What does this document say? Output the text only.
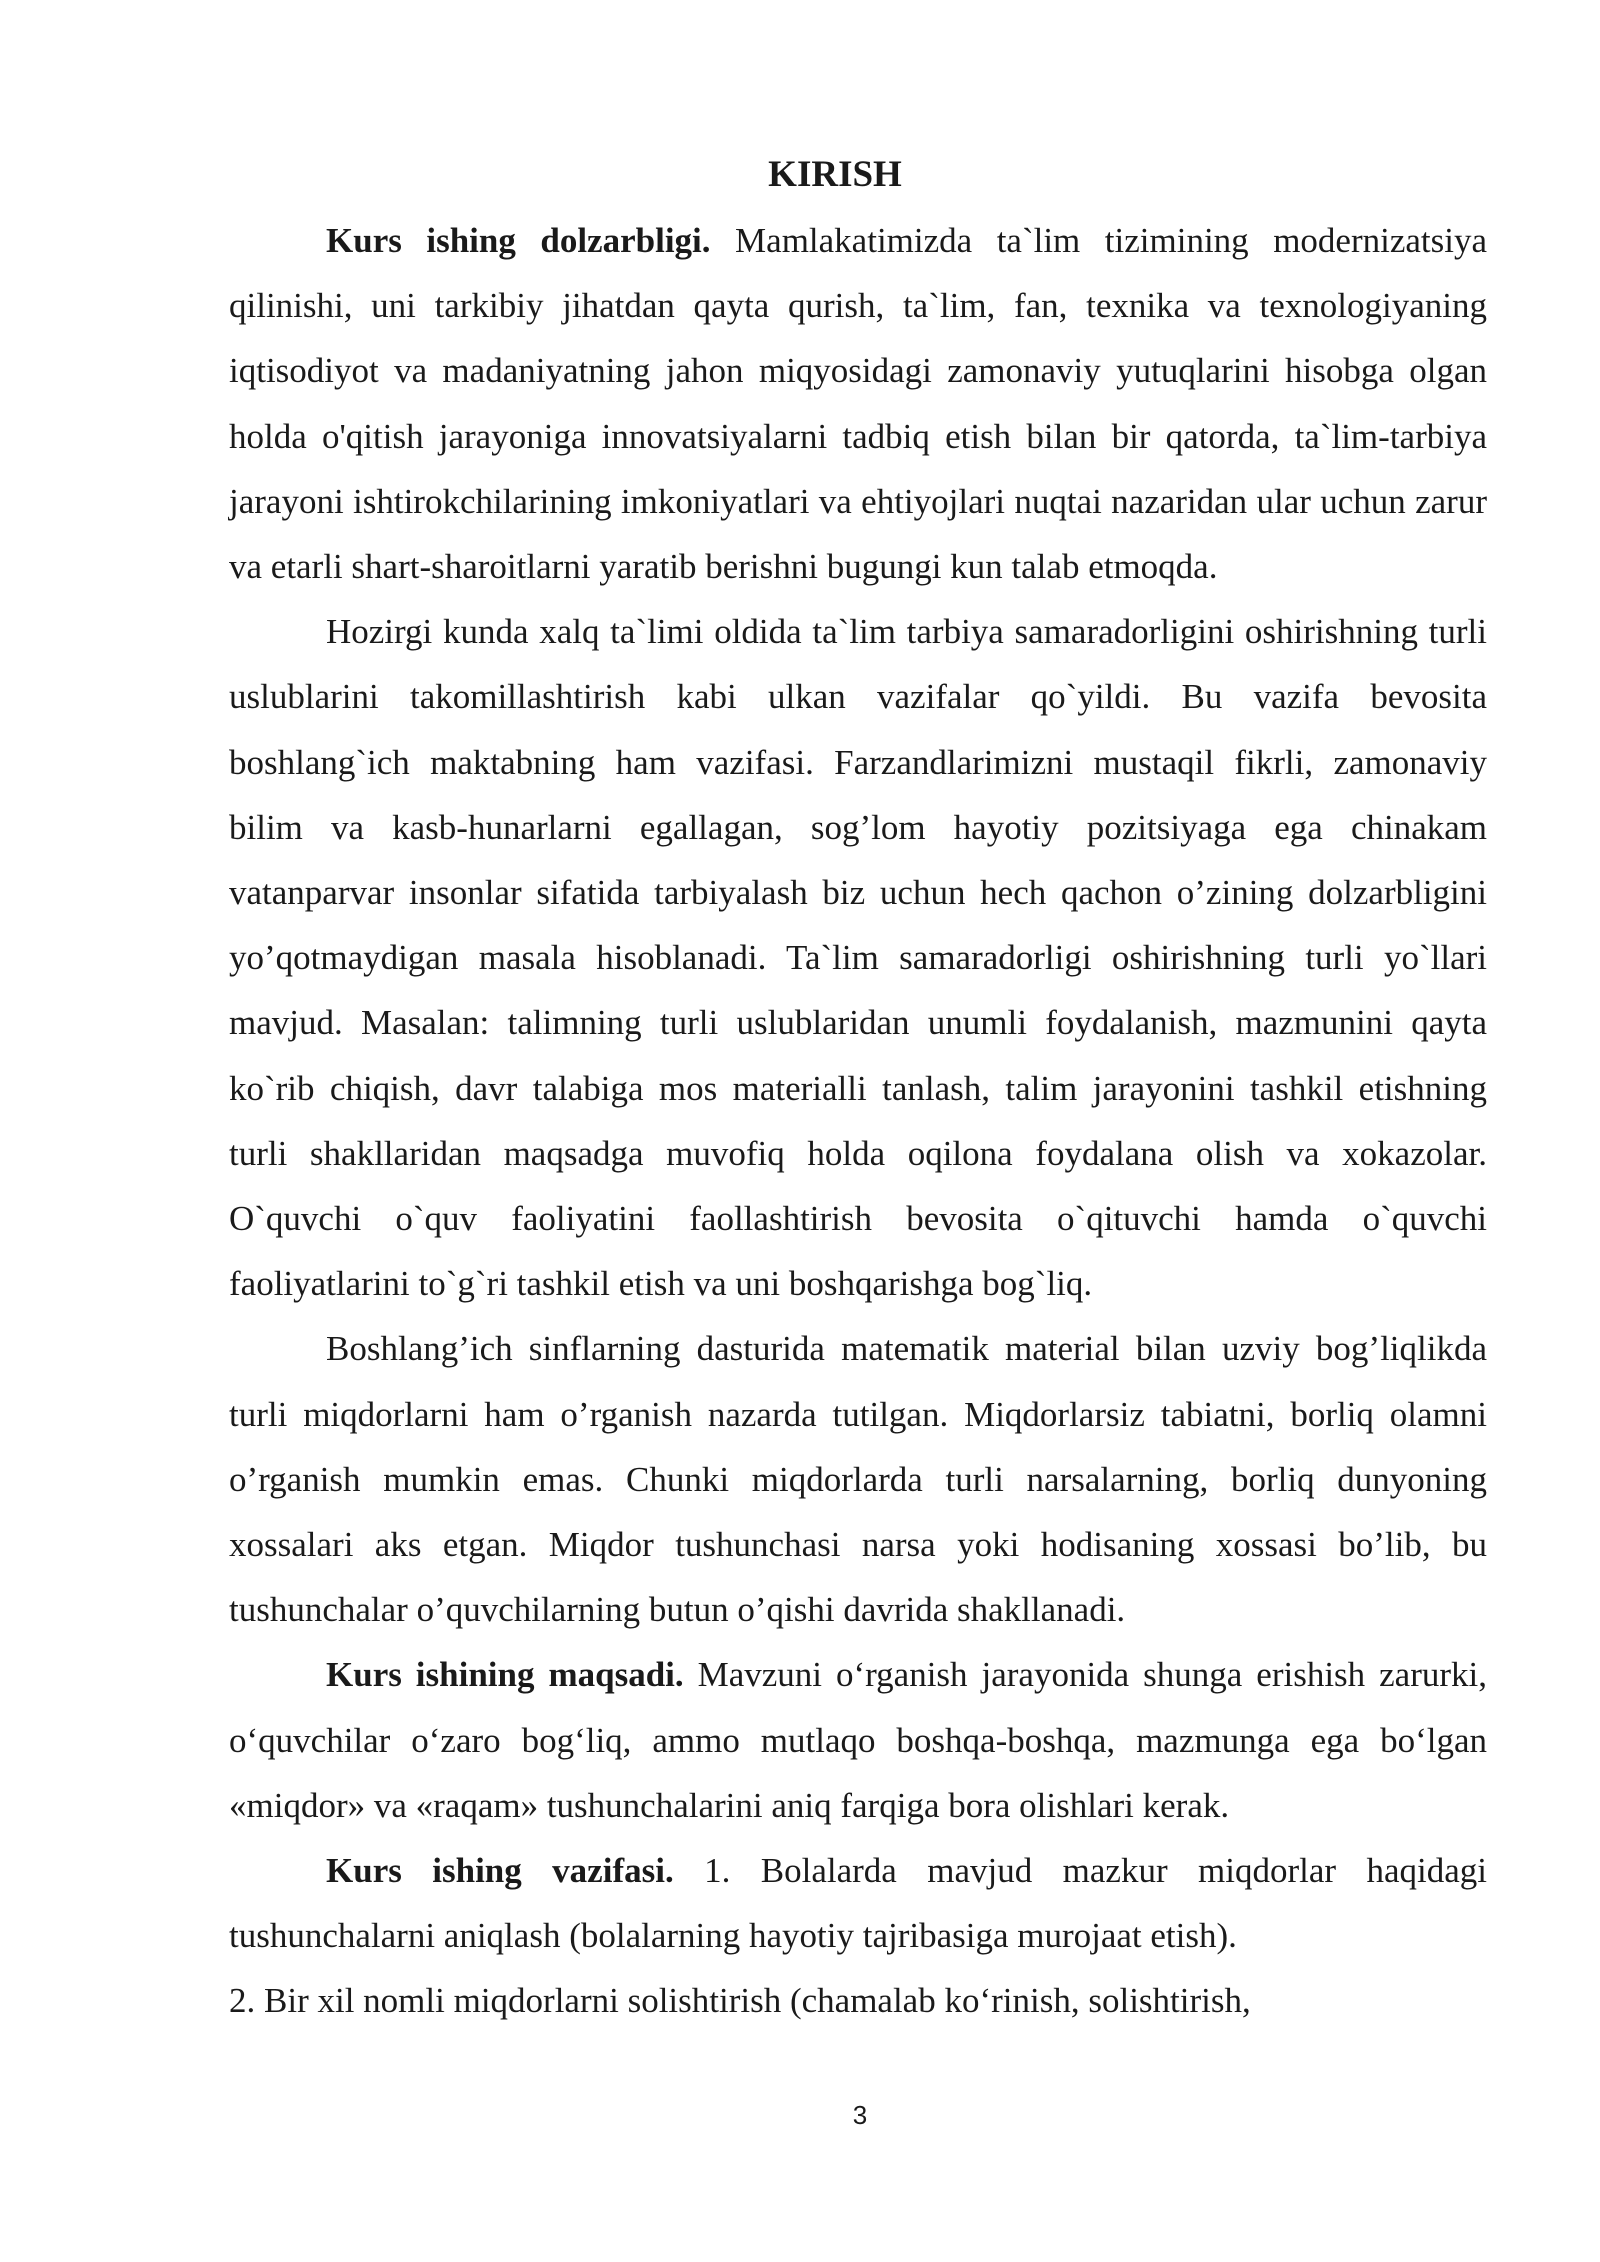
KIRISH

Kurs ishing dolzarbligi. Mamlakatimizda ta`lim tizimining modernizatsiya qilinishi, uni tarkibiy jihatdan qayta qurish, ta`lim, fan, texnika va texnologiyaning iqtisodiyot va madaniyatning jahon miqyosidagi zamonaviy yutuqlarini hisobga olgan holda o'qitish jarayoniga innovatsiyalarni tadbiq etish bilan bir qatorda, ta`lim-tarbiya jarayoni ishtirokchilarining imkoniyatlari va ehtiyojlari nuqtai nazaridan ular uchun zarur va etarli shart-sharoitlarni yaratib berishni bugungi kun talab etmoqda.

Hozirgi kunda xalq ta`limi oldida ta`lim tarbiya samaradorligini oshirishning turli uslublarini takomillashtirish kabi ulkan vazifalar qo`yildi. Bu vazifa bevosita boshlang`ich maktabning ham vazifasi. Farzandlarimizni mustaqil fikrli, zamonaviy bilim va kasb-hunarlarni egallagan, sog’lom hayotiy pozitsiyaga ega chinakam vatanparvar insonlar sifatida tarbiyalash biz uchun hech qachon o’zining dolzarbligini yo’qotmaydigan masala hisoblanadi. Ta`lim samaradorligi oshirishning turli yo`llari mavjud. Masalan: talimning turli uslublaridan unumli foydalanish, mazmunini qayta ko`rib chiqish, davr talabiga mos materialli tanlash, talim jarayonini tashkil etishning turli shakllaridan maqsadga muvofiq holda oqilona foydalana olish va xokazolar. O`quvchi o`quv faoliyatini faollashtirish bevosita o`qituvchi hamda o`quvchi faoliyatlarini to`g`ri tashkil etish va uni boshqarishga bog`liq.

Boshlang’ich sinflarning dasturida matematik material bilan uzviy bog’liqlikda turli miqdorlarni ham o’rganish nazarda tutilgan. Miqdorlarsiz tabiatni, borliq olamni o’rganish mumkin emas. Chunki miqdorlarda turli narsalarning, borliq dunyoning xossalari aks etgan. Miqdor tushunchasi narsa yoki hodisaning xossasi bo’lib, bu tushunchalar o’quvchilarning butun o’qishi davrida shakllanadi.

Kurs ishining maqsadi. Mavzuni o‘rganish jarayonida shunga erishish zarurki, o‘quvchilar o‘zaro bog‘liq, ammo mutlaqo boshqa-boshqa, mazmunga ega bo‘lgan «miqdor» va «raqam» tushunchalarini aniq farqiga bora olishlari kerak.

Kurs ishing vazifasi. 1. Bolalarda mavjud mazkur miqdorlar haqidagi tushunchalarni aniqlash (bolalarning hayotiy tajribasiga murojaat etish).

2. Bir xil nomli miqdorlarni solishtirish (chamalab ko‘rinish, solishtirish,

3
